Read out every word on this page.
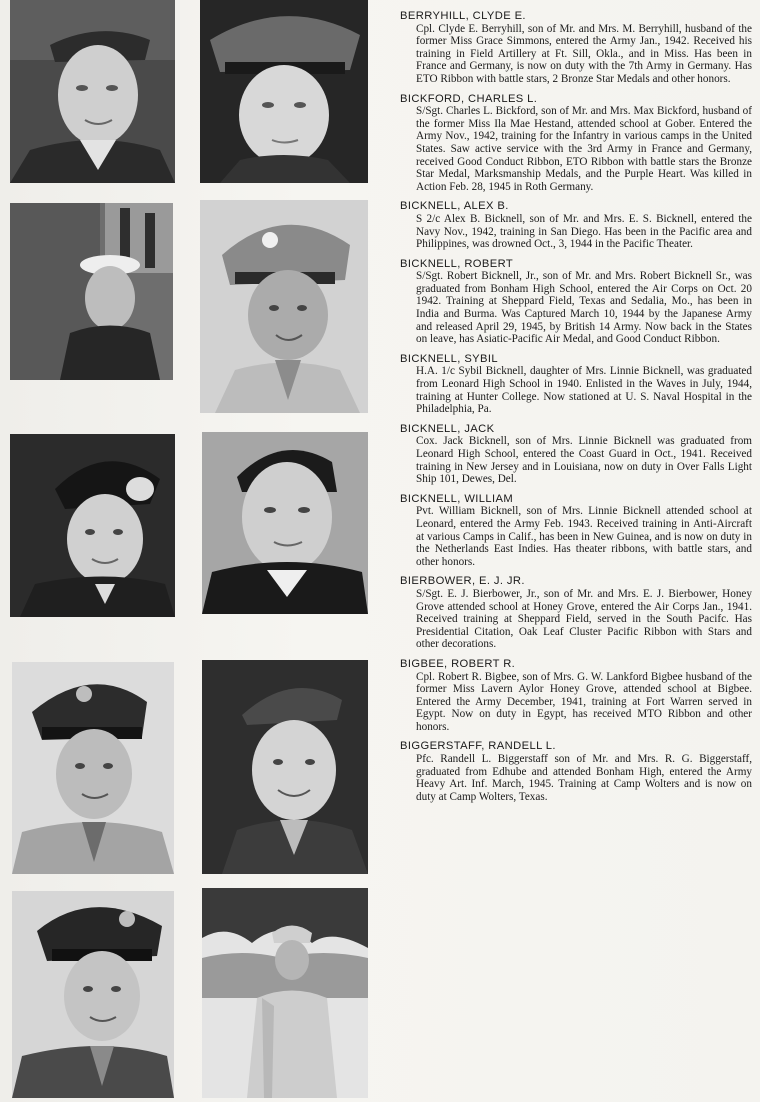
BERRYHILL, CLYDE E.

Cpl. Clyde E. Berryhill, son of Mr. and Mrs. M. Berryhill, husband of the former Miss Grace Simmons, entered the Army Jan., 1942. Received his training in Field Artillery at Ft. Sill, Okla., and in Miss. Has been in France and Germany, is now on duty with the 7th Army in Germany. Has ETO Ribbon with battle stars, 2 Bronze Star Medals and other honors.

BICKFORD, CHARLES L.

S/Sgt. Charles L. Bickford, son of Mr. and Mrs. Max Bickford, husband of the former Miss Ila Mae Hestand, attended school at Gober. Entered the Army Nov., 1942, training for the Infantry in various camps in the United States. Saw active service with the 3rd Army in France and Germany, received Good Conduct Ribbon, ETO Ribbon with battle stars the Bronze Star Medal, Marksmanship Medals, and the Purple Heart. Was killed in Action Feb. 28, 1945 in Roth Germany.

BICKNELL, ALEX B.

S 2/c Alex B. Bicknell, son of Mr. and Mrs. E. S. Bicknell, entered the Navy Nov., 1942, training in San Diego. Has been in the Pacific area and Philippines, was drowned Oct., 3, 1944 in the Pacific Theater.

BICKNELL, ROBERT

S/Sgt. Robert Bicknell, Jr., son of Mr. and Mrs. Robert Bicknell Sr., was graduated from Bonham High School, entered the Air Corps on Oct. 20 1942. Training at Sheppard Field, Texas and Sedalia, Mo., has been in India and Burma. Was Captured March 10, 1944 by the Japanese Army and released April 29, 1945, by British 14 Army. Now back in the States on leave, has Asiatic-Pacific Air Medal, and Good Conduct Ribbon.

BICKNELL, SYBIL

H.A. 1/c Sybil Bicknell, daughter of Mrs. Linnie Bicknell, was graduated from Leonard High School in 1940. Enlisted in the Waves in July, 1944, training at Hunter College. Now stationed at U. S. Naval Hospital in the Philadelphia, Pa.

BICKNELL, JACK

Cox. Jack Bicknell, son of Mrs. Linnie Bicknell was graduated from Leonard High School, entered the Coast Guard in Oct., 1941. Received training in New Jersey and in Louisiana, now on duty in Over Falls Light Ship 101, Dewes, Del.

BICKNELL, WILLIAM

Pvt. William Bicknell, son of Mrs. Linnie Bicknell attended school at Leonard, entered the Army Feb. 1943. Received training in Anti-Aircraft at various Camps in Calif., has been in New Guinea, and is now on duty in the Netherlands East Indies. Has theater ribbons, with battle stars, and other honors.

BIERBOWER, E. J. JR.

S/Sgt. E. J. Bierbower, Jr., son of Mr. and Mrs. E. J. Bierbower, Honey Grove attended school at Honey Grove, entered the Air Corps Jan., 1941. Received training at Sheppard Field, served in the South Pacifc. Has Presidential Citation, Oak Leaf Cluster Pacific Ribbon with Stars and other decorations.

BIGBEE, ROBERT R.

Cpl. Robert R. Bigbee, son of Mrs. G. W. Lankford Bigbee husband of the former Miss Lavern Aylor Honey Grove, attended school at Bigbee. Entered the Army December, 1941, training at Fort Warren served in Egypt. Now on duty in Egypt, has received MTO Ribbon and other honors.

BIGGERSTAFF, RANDELL L.

Pfc. Randell L. Biggerstaff son of Mr. and Mrs. R. G. Biggerstaff, graduated from Edhube and attended Bonham High, entered the Army Heavy Art. Inf. March, 1945. Training at Camp Wolters and is now on duty at Camp Wolters, Texas.
